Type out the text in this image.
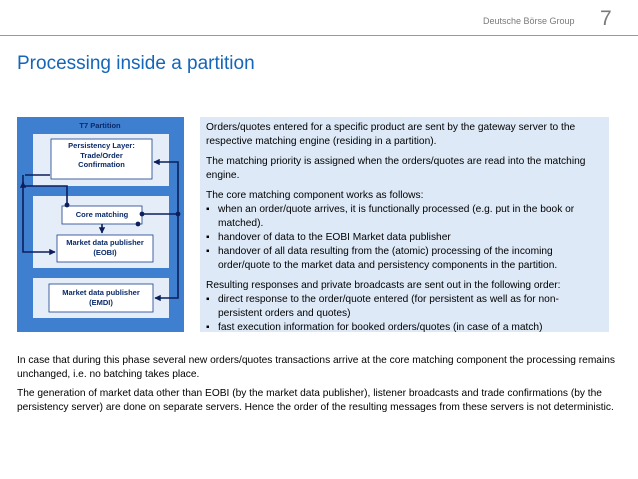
Deutsche Börse Group 7
Processing inside a partition
T7 Partition
Persistency Layer:
Trade/Order
Confirmation
Core matching
Market data publisher
(EOBI)
Market data publisher
(EMDI)

Orders/quotes entered for a specific product are sent by the gateway server to the respective matching engine (residing in a partition).

The matching priority is assigned when the orders/quotes are read into the matching engine.

The core matching component works as follows:

▪ when an order/quote arrives, it is functionally processed (e.g. put in the book or matched).
▪ handover of data to the EOBI Market data publisher
▪ handover of all data resulting from the (atomic) processing of the incoming order/quote to the market data and persistency components in the partition.

Resulting responses and private broadcasts are sent out in the following order:

▪ direct response to the order/quote entered (for persistent as well as for non-persistent orders and quotes)
▪ fast execution information for booked orders/quotes (in case of a match)
In case that during this phase several new orders/quotes transactions arrive at the core matching component the processing remains unchanged, i.e. no batching takes place.
The generation of market data other than EOBI (by the market data publisher), listener broadcasts and trade confirmations (by the persistency server) are done on separate servers. Hence the order of the resulting messages from these servers is not deterministic.
